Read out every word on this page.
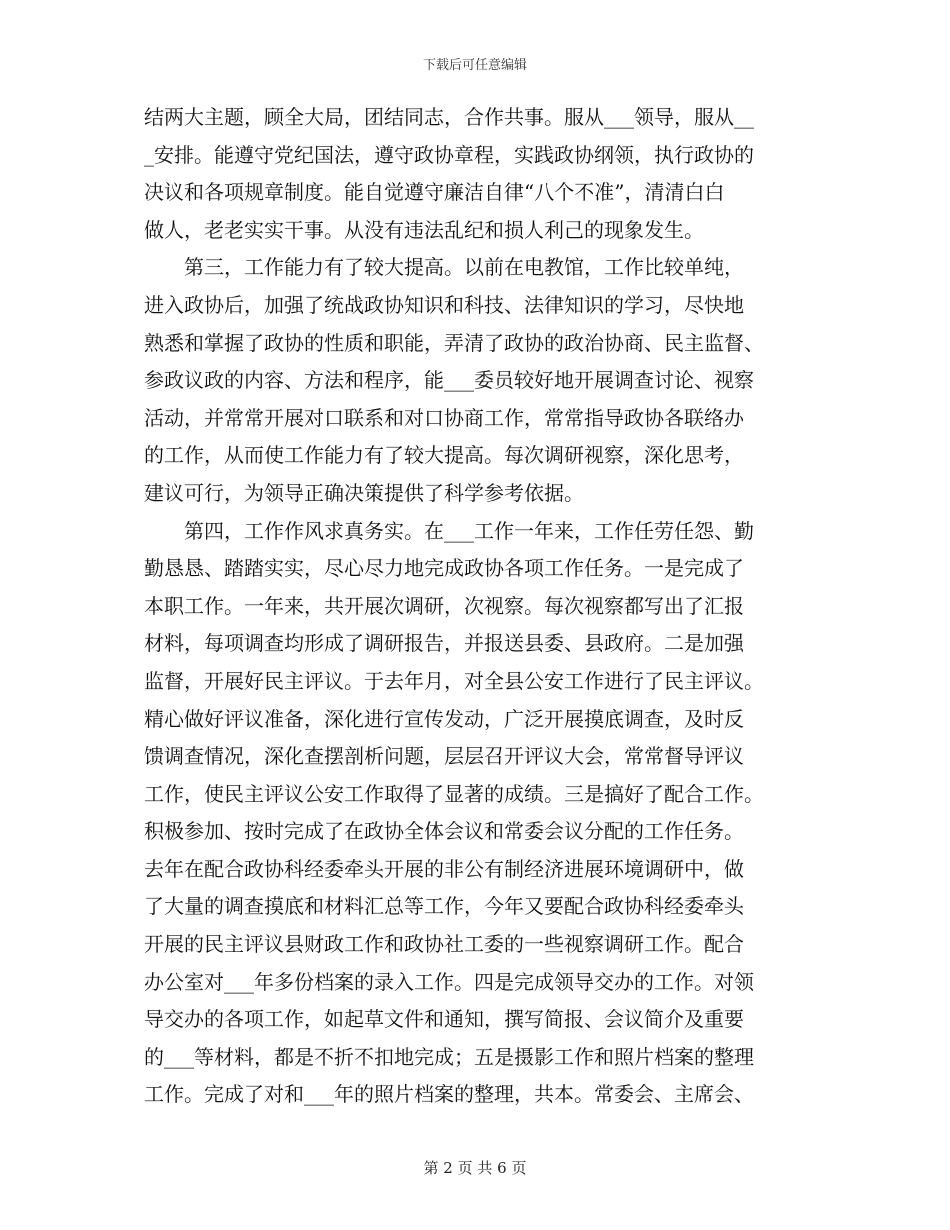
下载后可任意编辑
结两大主题，顾全大局，团结同志，合作共事。服从___领导，服从__
_安排。能遵守党纪国法，遵守政协章程，实践政协纲领，执行政协的
决议和各项规章制度。能自觉遵守廉洁自律“八个不准”，清清白白
做人，老老实实干事。从没有违法乱纪和损人利己的现象发生。
　　第三，工作能力有了较大提高。以前在电教馆，工作比较单纯，
进入政协后，加强了统战政协知识和科技、法律知识的学习，尽快地
熟悉和掌握了政协的性质和职能，弄清了政协的政治协商、民主监督、
参政议政的内容、方法和程序，能___委员较好地开展调查讨论、视察
活动，并常常开展对口联系和对口协商工作，常常指导政协各联络办
的工作，从而使工作能力有了较大提高。每次调研视察，深化思考，
建议可行，为领导正确决策提供了科学参考依据。
　　第四，工作作风求真务实。在___工作一年来，工作任劳任怨、勤
勤恳恳、踏踏实实，尽心尽力地完成政协各项工作任务。一是完成了
本职工作。一年来，共开展次调研，次视察。每次视察都写出了汇报
材料，每项调查均形成了调研报告，并报送县委、县政府。二是加强
监督，开展好民主评议。于去年月，对全县公安工作进行了民主评议。
精心做好评议准备，深化进行宣传发动，广泛开展摸底调查，及时反
馈调查情况，深化查摆剖析问题，层层召开评议大会，常常督导评议
工作，使民主评议公安工作取得了显著的成绩。三是搞好了配合工作。
积极参加、按时完成了在政协全体会议和常委会议分配的工作任务。
去年在配合政协科经委牵头开展的非公有制经济进展环境调研中，做
了大量的调查摸底和材料汇总等工作，今年又要配合政协科经委牵头
开展的民主评议县财政工作和政协社工委的一些视察调研工作。配合
办公室对___年多份档案的录入工作。四是完成领导交办的工作。对领
导交办的各项工作，如起草文件和通知，撰写简报、会议简介及重要
的___等材料，都是不折不扣地完成；五是摄影工作和照片档案的整理
工作。完成了对和___年的照片档案的整理，共本。常委会、主席会、
第 2 页 共 6 页
